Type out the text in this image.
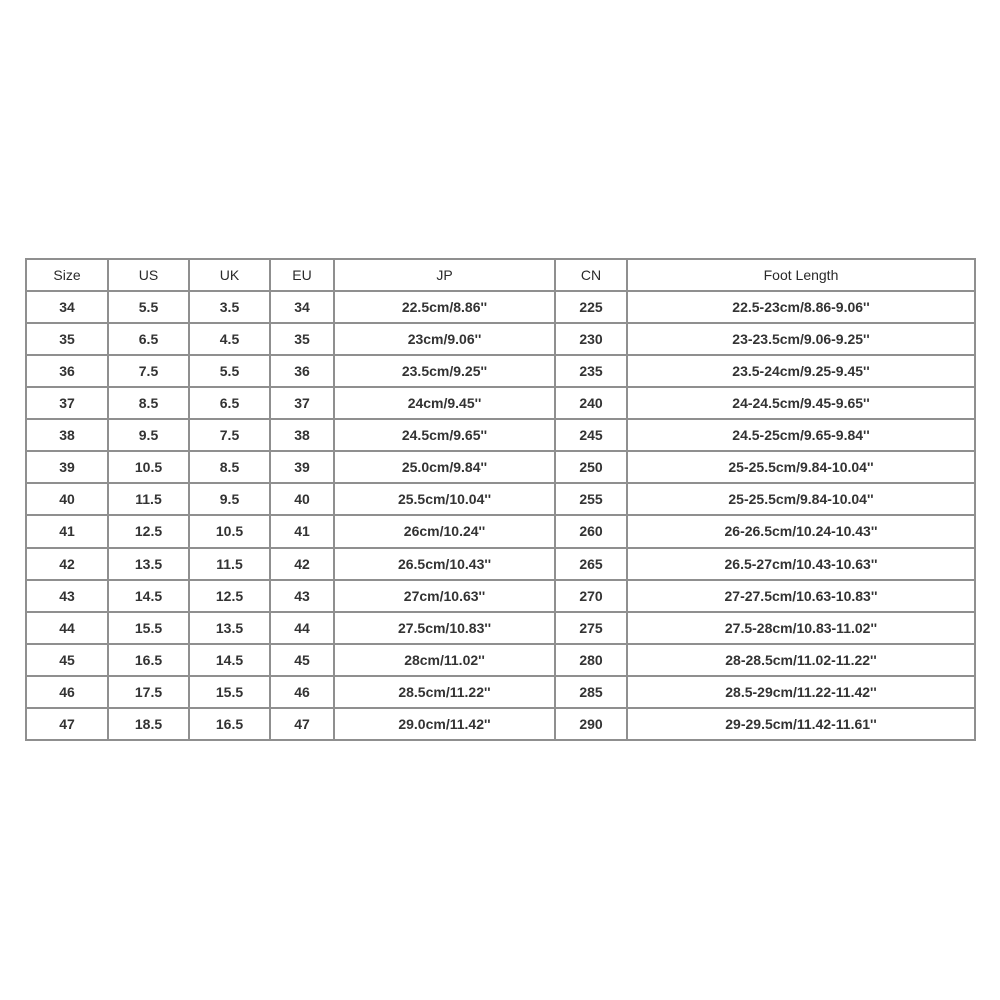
Size	US	UK	EU	JP	CN	Foot Length
34	5.5	3.5	34	22.5cm/8.86''	225	22.5-23cm/8.86-9.06''
35	6.5	4.5	35	23cm/9.06''	230	23-23.5cm/9.06-9.25''
36	7.5	5.5	36	23.5cm/9.25''	235	23.5-24cm/9.25-9.45''
37	8.5	6.5	37	24cm/9.45''	240	24-24.5cm/9.45-9.65''
38	9.5	7.5	38	24.5cm/9.65''	245	24.5-25cm/9.65-9.84''
39	10.5	8.5	39	25.0cm/9.84''	250	25-25.5cm/9.84-10.04''
40	11.5	9.5	40	25.5cm/10.04''	255	25-25.5cm/9.84-10.04''
41	12.5	10.5	41	26cm/10.24''	260	26-26.5cm/10.24-10.43''
42	13.5	11.5	42	26.5cm/10.43''	265	26.5-27cm/10.43-10.63''
43	14.5	12.5	43	27cm/10.63''	270	27-27.5cm/10.63-10.83''
44	15.5	13.5	44	27.5cm/10.83''	275	27.5-28cm/10.83-11.02''
45	16.5	14.5	45	28cm/11.02''	280	28-28.5cm/11.02-11.22''
46	17.5	15.5	46	28.5cm/11.22''	285	28.5-29cm/11.22-11.42''
47	18.5	16.5	47	29.0cm/11.42''	290	29-29.5cm/11.42-11.61''
